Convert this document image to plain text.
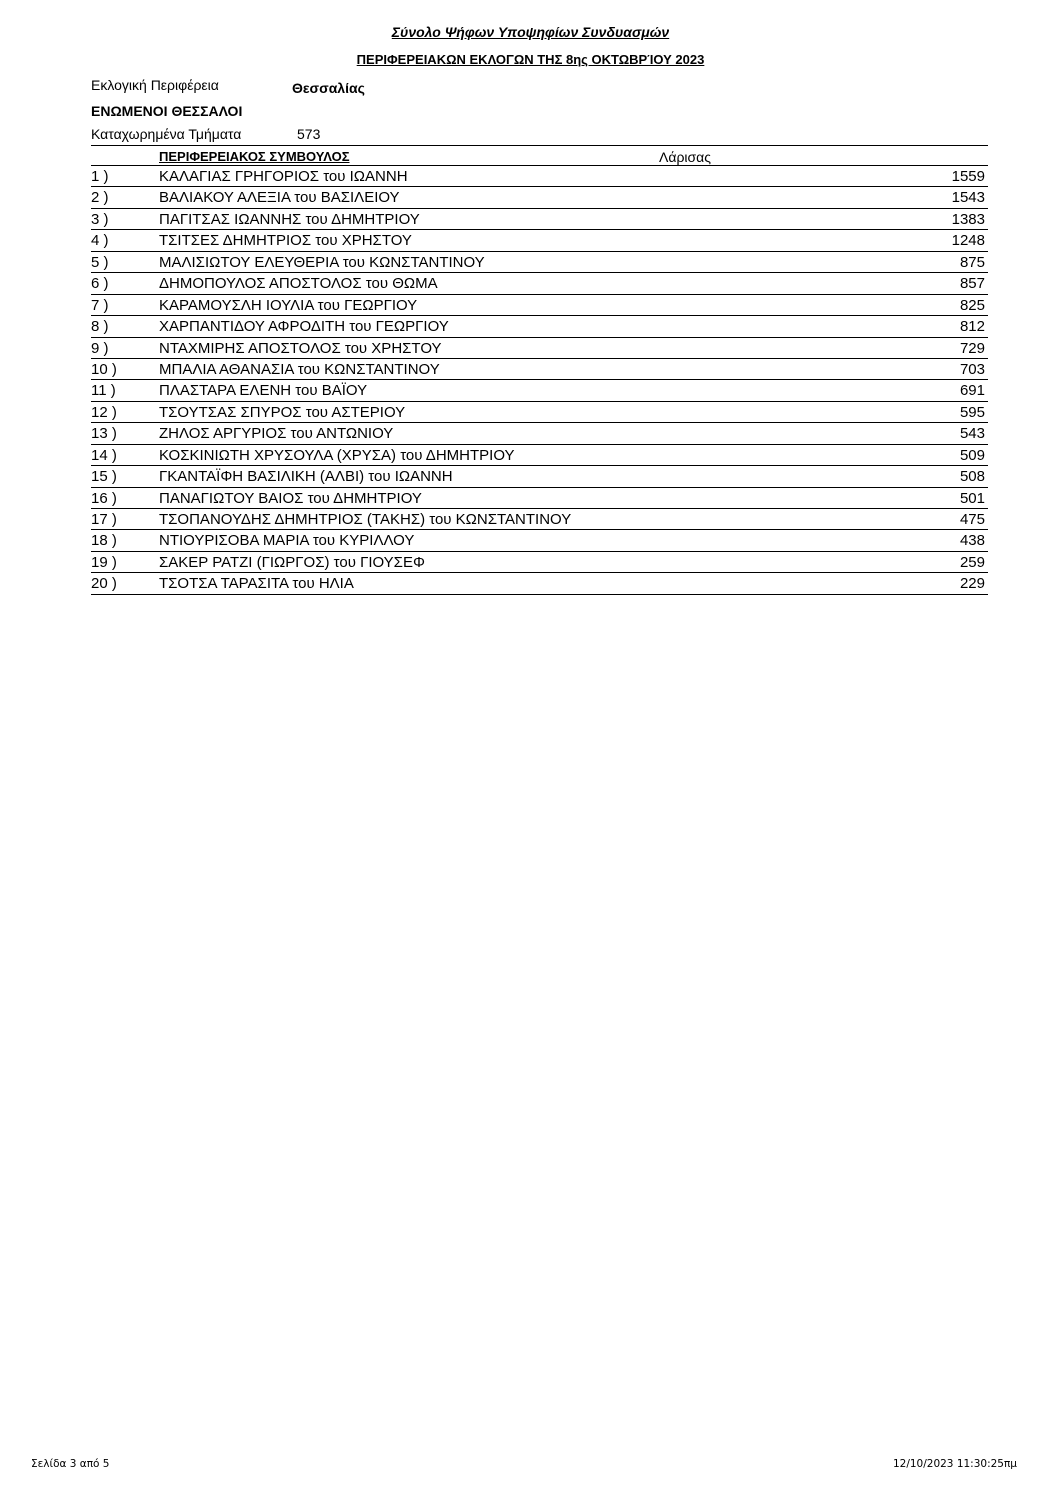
Σύνολο Ψήφων Υποψηφίων Συνδυασμών
ΠΕΡΙΦΕΡΕΙΑΚΩΝ ΕΚΛΟΓΩΝ ΤΗΣ 8ης ΟΚΤΩΒΡΊΟΥ 2023
Εκλογική Περιφέρεια	Θεσσαλίας
ΕΝΩΜΕΝΟΙ ΘΕΣΣΑΛΟΙ
Καταχωρημένα Τμήματα	573
ΠΕΡΙΦΕΡΕΙΑΚΟΣ ΣΥΜΒΟΥΛΟΣ	Λάρισας
1 )	ΚΑΛΑΓΙΑΣ ΓΡΗΓΟΡΙΟΣ του ΙΩΑΝΝΗ	1559
2 )	ΒΑΛΙΑΚΟΥ ΑΛΕΞΙΑ του ΒΑΣΙΛΕΙΟΥ	1543
3 )	ΠΑΓΙΤΣΑΣ ΙΩΑΝΝΗΣ του ΔΗΜΗΤΡΙΟΥ	1383
4 )	ΤΣΙΤΣΕΣ ΔΗΜΗΤΡΙΟΣ του ΧΡΗΣΤΟΥ	1248
5 )	ΜΑΛΙΣΙΩΤΟΥ ΕΛΕΥΘΕΡΙΑ του ΚΩΝΣΤΑΝΤΙΝΟΥ	875
6 )	ΔΗΜΟΠΟΥΛΟΣ ΑΠΟΣΤΟΛΟΣ του ΘΩΜΑ	857
7 )	ΚΑΡΑΜΟΥΣΛΗ ΙΟΥΛΙΑ του ΓΕΩΡΓΙΟΥ	825
8 )	ΧΑΡΠΑΝΤΙΔΟΥ ΑΦΡΟΔΙΤΗ του ΓΕΩΡΓΙΟΥ	812
9 )	ΝΤΑΧΜΙΡΗΣ ΑΠΟΣΤΟΛΟΣ του ΧΡΗΣΤΟΥ	729
10 )	ΜΠΑΛΙΑ ΑΘΑΝΑΣΙΑ του ΚΩΝΣΤΑΝΤΙΝΟΥ	703
11 )	ΠΛΑΣΤΑΡΑ ΕΛΕΝΗ του ΒΑΪΟΥ	691
12 )	ΤΣΟΥΤΣΑΣ ΣΠΥΡΟΣ του ΑΣΤΕΡΙΟΥ	595
13 )	ΖΗΛΟΣ ΑΡΓΥΡΙΟΣ του ΑΝΤΩΝΙΟΥ	543
14 )	ΚΟΣΚΙΝΙΩΤΗ ΧΡΥΣΟΥΛΑ (ΧΡΥΣΑ) του ΔΗΜΗΤΡΙΟΥ	509
15 )	ΓΚΑΝΤΑΪΦΗ ΒΑΣΙΛΙΚΗ (ΑΛΒΙ) του ΙΩΑΝΝΗ	508
16 )	ΠΑΝΑΓΙΩΤΟΥ ΒΑΙΟΣ του ΔΗΜΗΤΡΙΟΥ	501
17 )	ΤΣΟΠΑΝΟΥΔΗΣ ΔΗΜΗΤΡΙΟΣ (ΤΑΚΗΣ) του ΚΩΝΣΤΑΝΤΙΝΟΥ	475
18 )	ΝΤΙΟΥΡΙΣΟΒΑ ΜΑΡΙΑ του ΚΥΡΙΛΛΟΥ	438
19 )	ΣΑΚΕΡ ΡΑΤΖΙ (ΓΙΩΡΓΟΣ) του ΓΙΟΥΣΕΦ	259
20 )	ΤΣΟΤΣΑ ΤΑΡΑΣΙΤΑ του ΗΛΙΑ	229
Σελίδα 3 από 5	12/10/2023 11:30:25πμ
